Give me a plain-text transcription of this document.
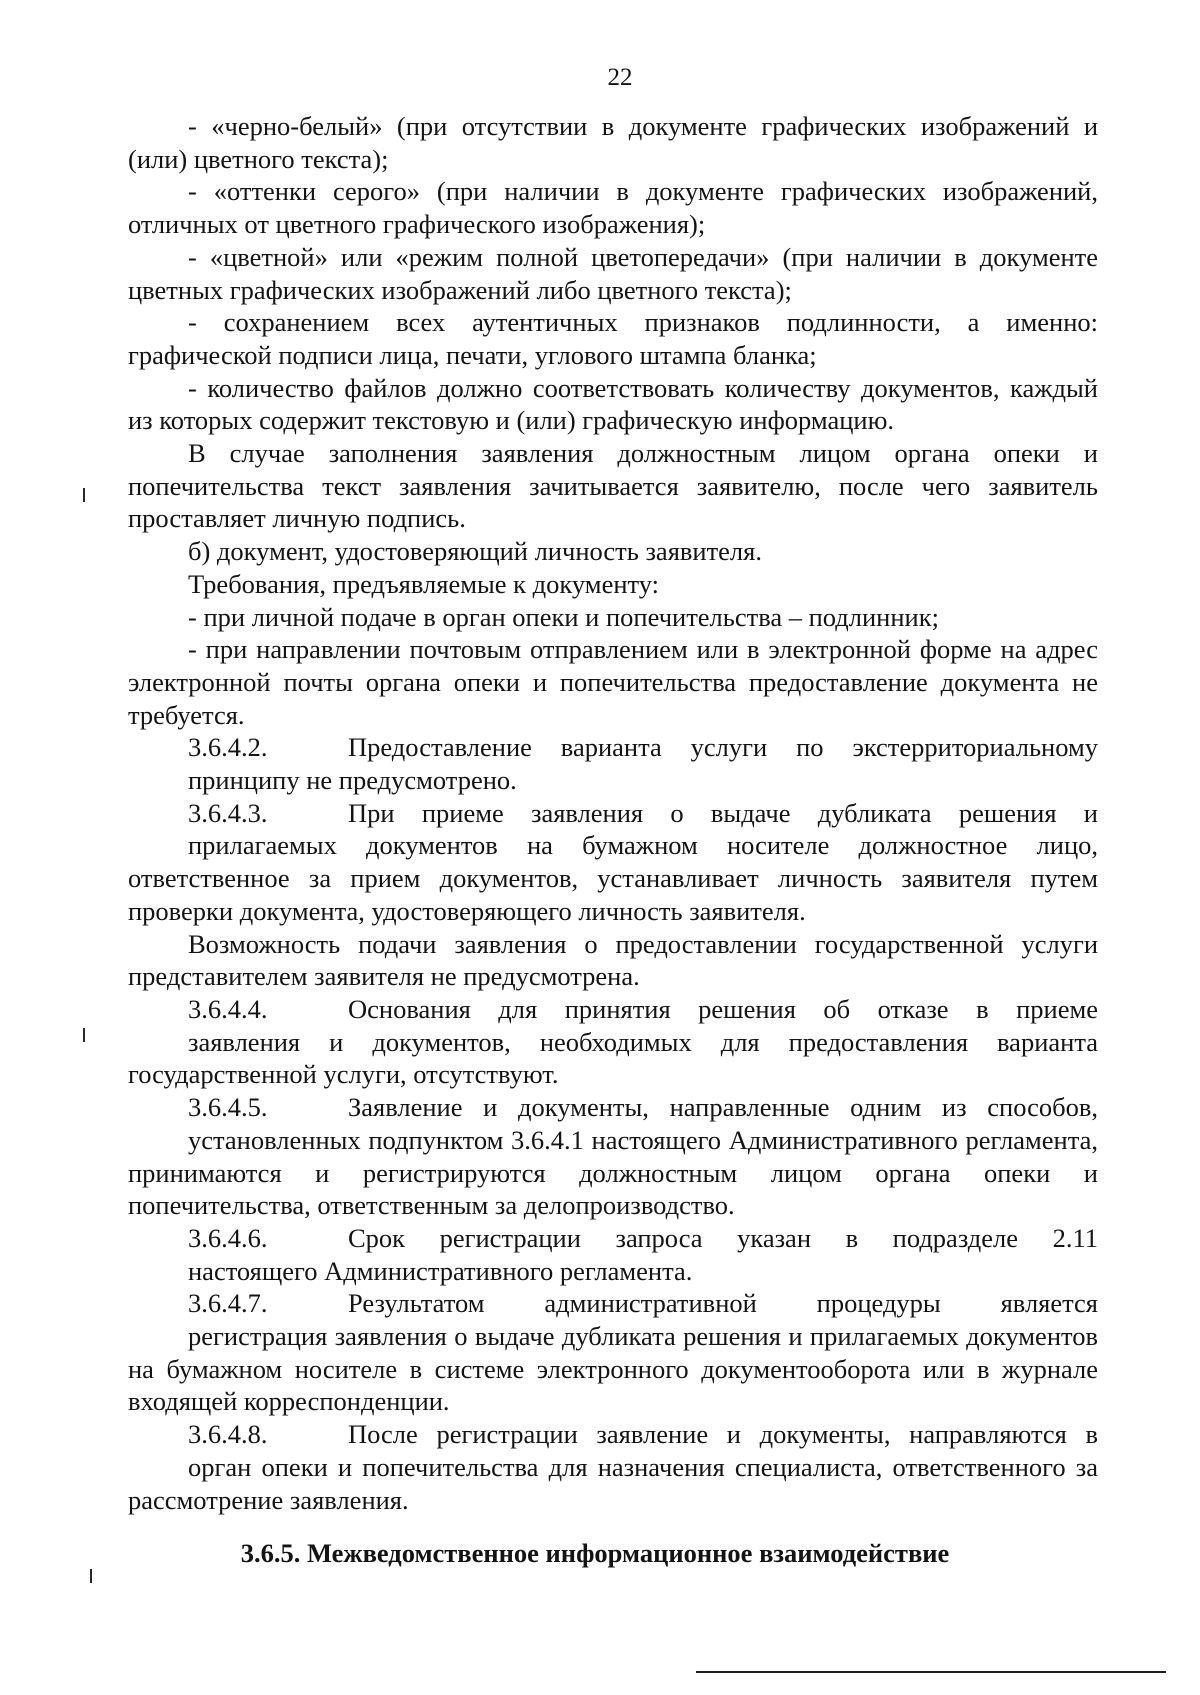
22

- «черно-белый» (при отсутствии в документе графических изображений и (или) цветного текста);

- «оттенки серого» (при наличии в документе графических изображений, отличных от цветного графического изображения);

- «цветной» или «режим полной цветопередачи» (при наличии в документе цветных графических изображений либо цветного текста);

- сохранением всех аутентичных признаков подлинности, а именно: графической подписи лица, печати, углового штампа бланка;

- количество файлов должно соответствовать количеству документов, каждый из которых содержит текстовую и (или) графическую информацию.

В случае заполнения заявления должностным лицом органа опеки и попечительства текст заявления зачитывается заявителю, после чего заявитель проставляет личную подпись.

б) документ, удостоверяющий личность заявителя.

Требования, предъявляемые к документу:

- при личной подаче в орган опеки и попечительства – подлинник;

- при направлении почтовым отправлением или в электронной форме на адрес электронной почты органа опеки и попечительства предоставление документа не требуется.

3.6.4.2.	Предоставление варианта услуги по экстерриториальному

принципу не предусмотрено.

3.6.4.3.	При приеме заявления о выдаче дубликата решения и

прилагаемых документов на бумажном носителе должностное лицо, ответственное за прием документов, устанавливает личность заявителя путем проверки документа, удостоверяющего личность заявителя.

Возможность подачи заявления о предоставлении государственной услуги представителем заявителя не предусмотрена.

3.6.4.4.	Основания для принятия решения об отказе в приеме

заявления и документов, необходимых для предоставления варианта государственной услуги, отсутствуют.

3.6.4.5.	Заявление и документы, направленные одним из способов,

установленных подпунктом 3.6.4.1 настоящего Административного регламента, принимаются и регистрируются должностным лицом органа опеки и попечительства, ответственным за делопроизводство.

3.6.4.6.	Срок регистрации запроса указан в подразделе 2.11

настоящего Административного регламента.

3.6.4.7.	Результатом административной процедуры является

регистрация заявления о выдаче дубликата решения и прилагаемых документов на бумажном носителе в системе электронного документооборота или в журнале входящей корреспонденции.

3.6.4.8.	После регистрации заявление и документы, направляются в

орган опеки и попечительства для назначения специалиста, ответственного за рассмотрение заявления.

3.6.5. Межведомственное информационное взаимодействие
